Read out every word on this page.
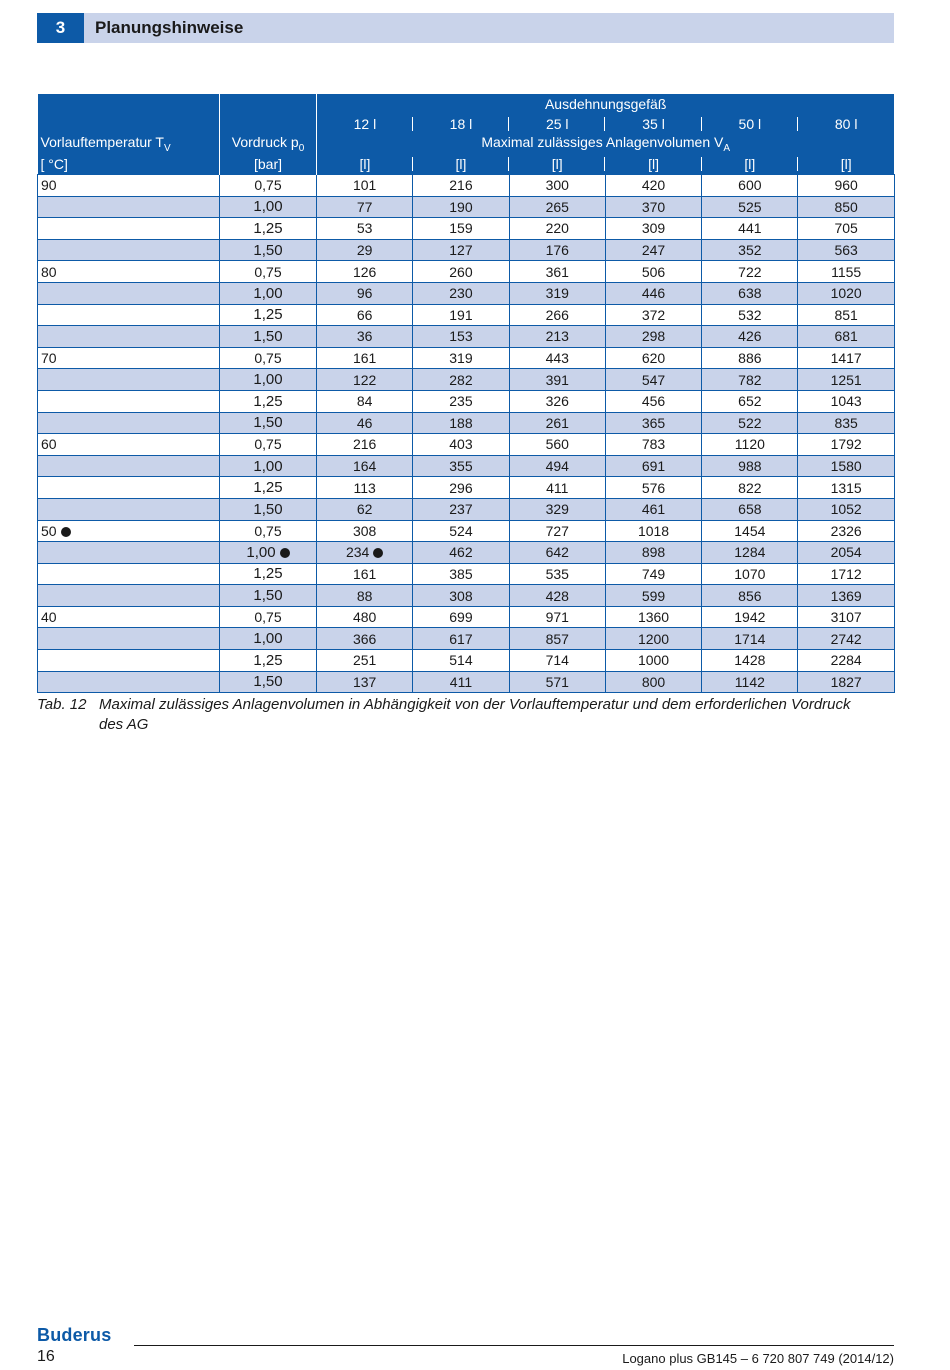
3	Planungshinweise
		Ausdehnungsgefäß					
		12 l	18 l	25 l	35 l	50 l	80 l
Vorlauftemperatur $T_V$	Vordruck $p_0$	Maximal zulässiges Anlagenvolumen $V_A$
[ °C]	[bar]	[l]	[l]	[l]	[l]	[l]	[l]
90	0,75	101	216	300	420	600	960
	1,00	77	190	265	370	525	850
	1,25	53	159	220	309	441	705
	1,50	29	127	176	247	352	563
80	0,75	126	260	361	506	722	1155
	1,00	96	230	319	446	638	1020
	1,25	66	191	266	372	532	851
	1,50	36	153	213	298	426	681
70	0,75	161	319	443	620	886	1417
	1,00	122	282	391	547	782	1251
	1,25	84	235	326	456	652	1043
	1,50	46	188	261	365	522	835
60	0,75	216	403	560	783	1120	1792
	1,00	164	355	494	691	988	1580
	1,25	113	296	411	576	822	1315
	1,50	62	237	329	461	658	1052
50	0,75	308	524	727	1018	1454	2326
	1,00	234	462	642	898	1284	2054
	1,25	161	385	535	749	1070	1712
	1,50	88	308	428	599	856	1369
40	0,75	480	699	971	1360	1942	3107
	1,00	366	617	857	1200	1714	2742
	1,25	251	514	714	1000	1428	2284
	1,50	137	411	571	800	1142	1827
Tab. 12 Maximal zulässiges Anlagenvolumen in Abhängigkeit von der Vorlauftemperatur und dem erforderlichen Vordruck
des AG
Buderus
16	Logano plus GB145 – 6 720 807 749 (2014/12)
